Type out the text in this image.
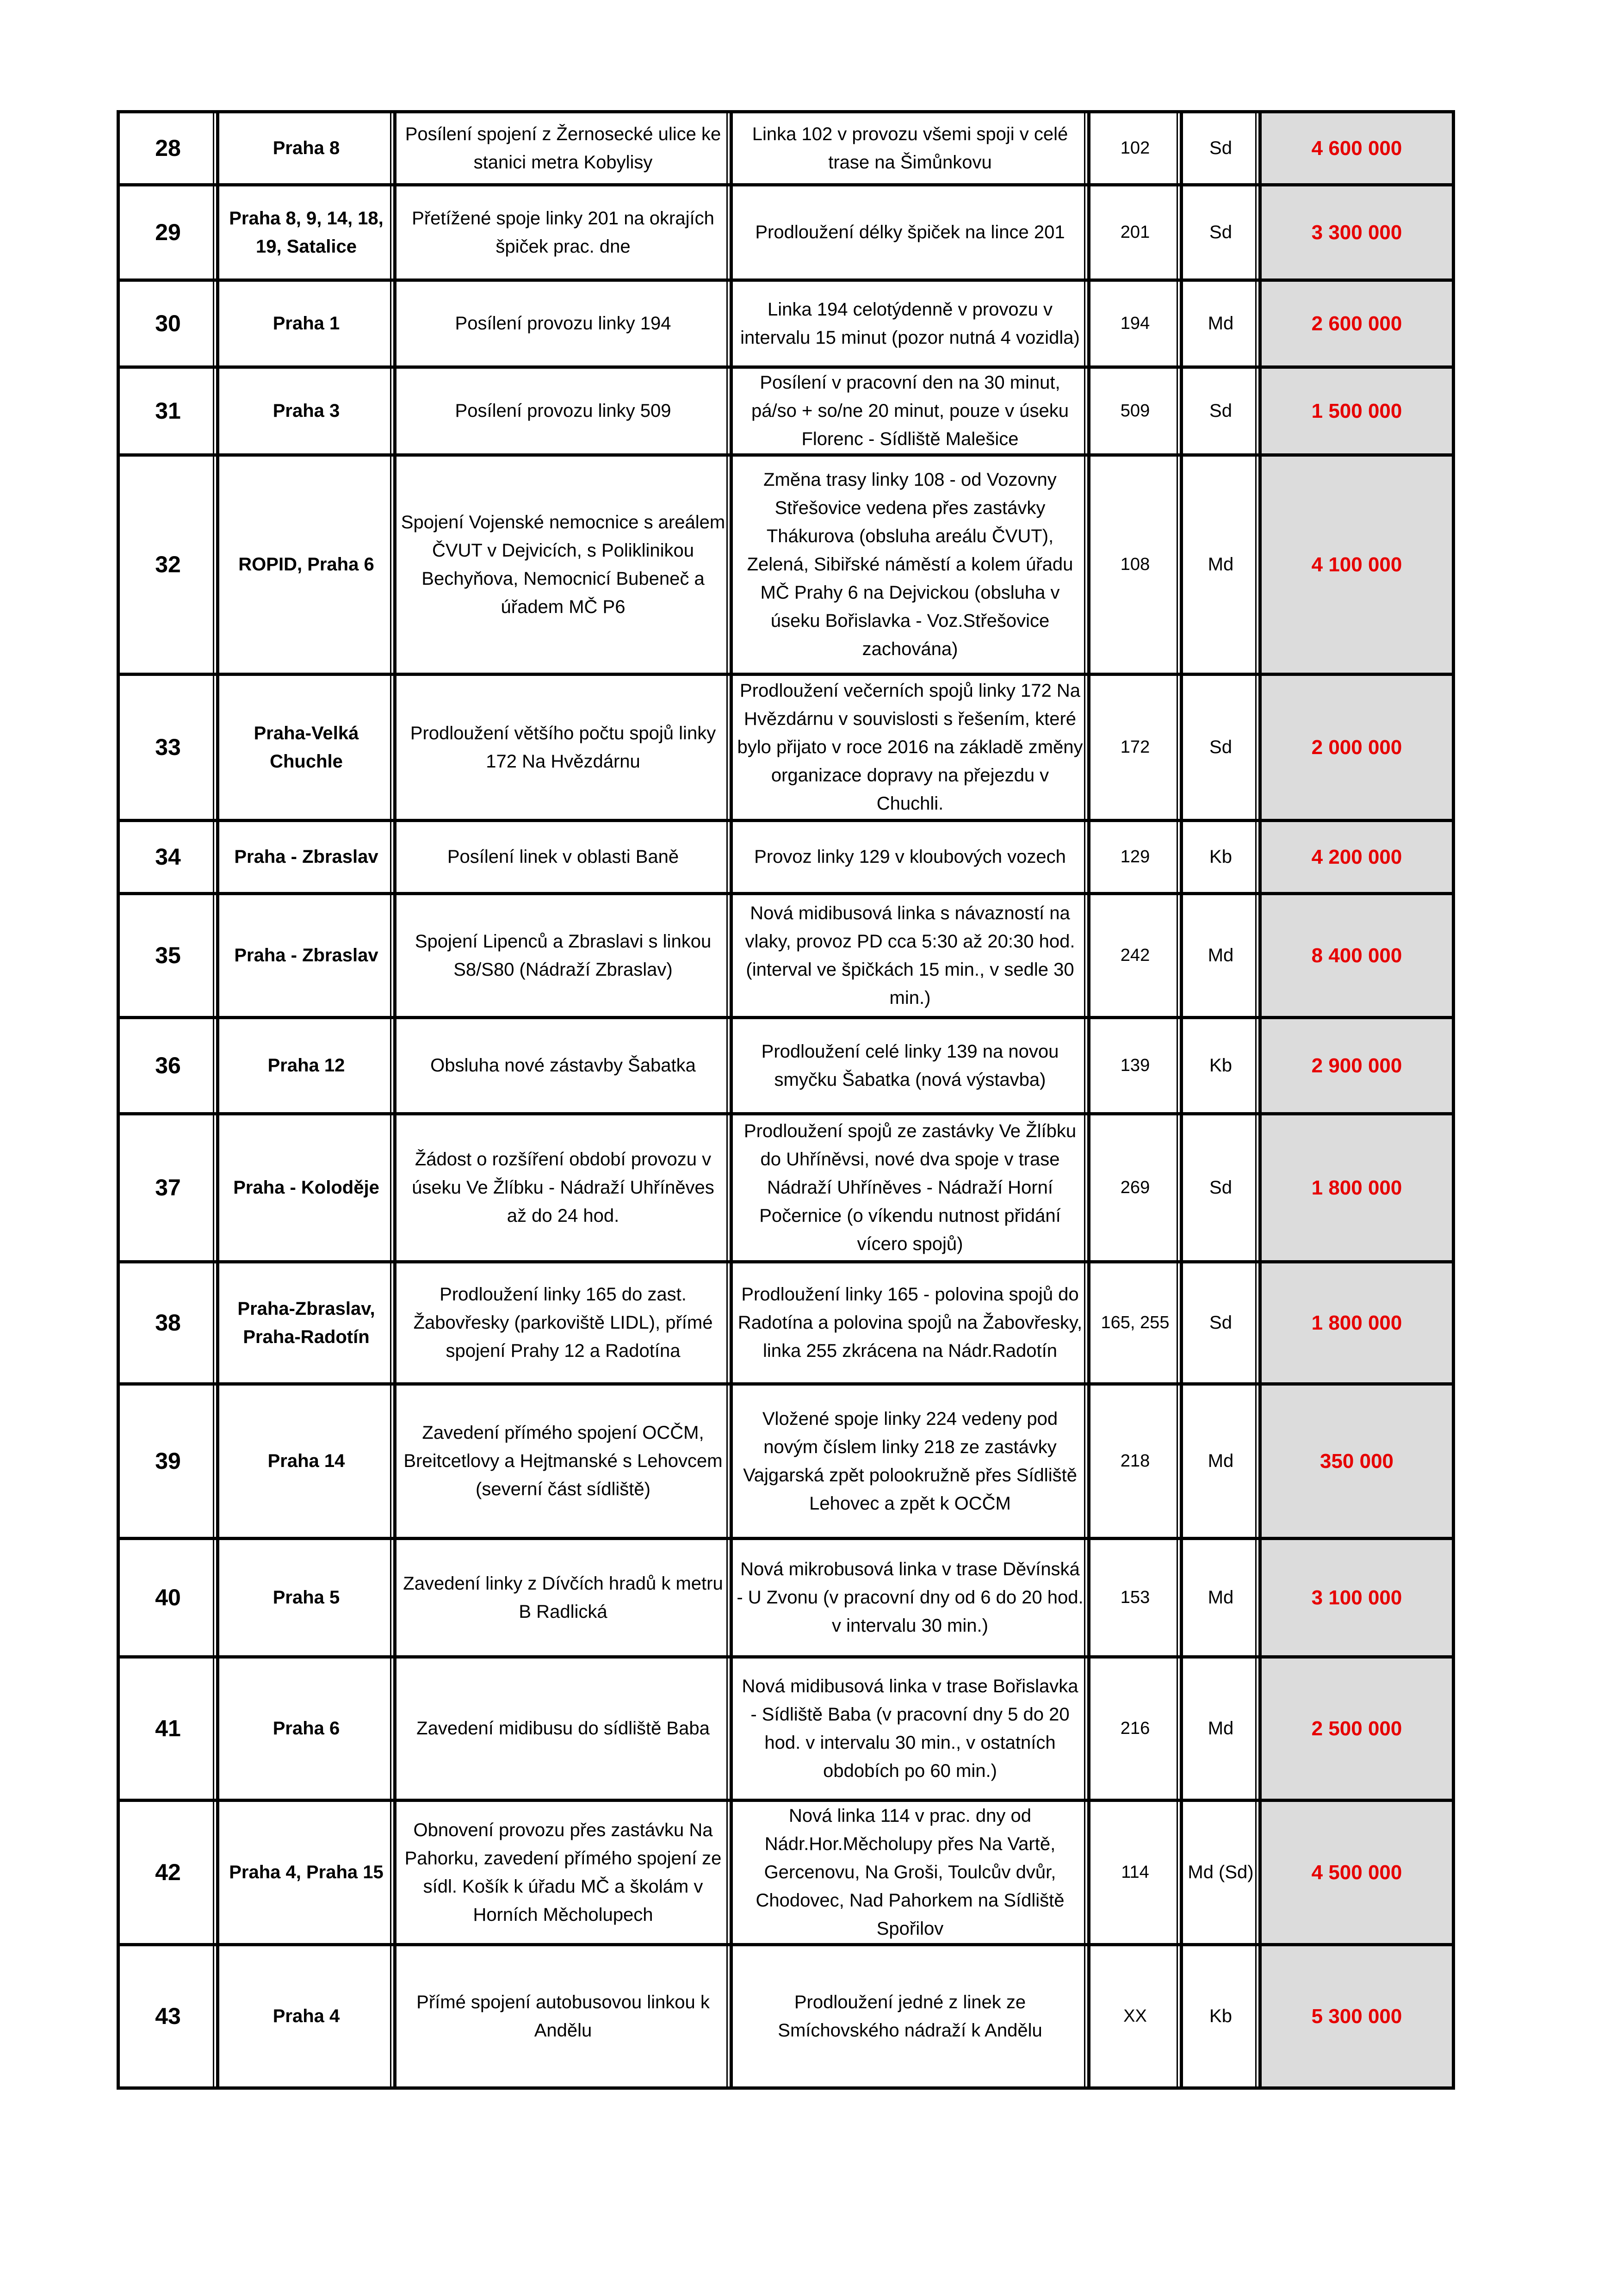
28	Praha 8	Posílení spojení z Žernosecké ulice ke stanici metra Kobylisy	Linka 102 v provozu všemi spoji v celé trase na Šimůnkovu	102	Sd	4 600 000
29	Praha 8, 9, 14, 18, 19, Satalice	Přetížené spoje linky 201 na okrajích špiček prac. dne	Prodloužení délky špiček na lince 201	201	Sd	3 300 000
30	Praha 1	Posílení provozu linky 194	Linka 194 celotýdenně v provozu v intervalu 15 minut (pozor nutná 4 vozidla)	194	Md	2 600 000
31	Praha 3	Posílení provozu linky 509	Posílení v pracovní den na 30 minut, pá/so + so/ne 20 minut, pouze v úseku Florenc - Sídliště Malešice	509	Sd	1 500 000
32	ROPID, Praha 6	Spojení Vojenské nemocnice s areálem ČVUT v Dejvicích, s Poliklinikou Bechyňova, Nemocnicí Bubeneč a úřadem MČ P6	Změna trasy linky 108 - od Vozovny Střešovice vedena přes zastávky Thákurova (obsluha areálu ČVUT), Zelená, Sibiřské náměstí a kolem úřadu MČ Prahy 6 na Dejvickou (obsluha v úseku Bořislavka - Voz.Střešovice zachována)	108	Md	4 100 000
33	Praha-Velká Chuchle	Prodloužení většího počtu spojů linky 172 Na Hvězdárnu	Prodloužení večerních spojů linky 172 Na Hvězdárnu v souvislosti s řešením, které bylo přijato v roce 2016 na základě změny organizace dopravy na přejezdu v Chuchli.	172	Sd	2 000 000
34	Praha - Zbraslav	Posílení linek v oblasti Baně	Provoz linky 129 v kloubových vozech	129	Kb	4 200 000
35	Praha - Zbraslav	Spojení Lipenců a Zbraslavi s linkou S8/S80 (Nádraží Zbraslav)	Nová midibusová linka s návazností na vlaky, provoz PD cca 5:30 až 20:30 hod. (interval ve špičkách 15 min., v sedle 30 min.)	242	Md	8 400 000
36	Praha 12	Obsluha nové zástavby Šabatka	Prodloužení celé linky 139 na novou smyčku Šabatka (nová výstavba)	139	Kb	2 900 000
37	Praha - Koloděje	Žádost o rozšíření období provozu v úseku Ve Žlíbku - Nádraží Uhříněves až do 24 hod.	Prodloužení spojů ze zastávky Ve Žlíbku do Uhříněvsi, nové dva spoje v trase Nádraží Uhříněves - Nádraží Horní Počernice (o víkendu nutnost přidání vícero spojů)	269	Sd	1 800 000
38	Praha-Zbraslav, Praha-Radotín	Prodloužení linky 165 do zast. Žabovřesky (parkoviště LIDL), přímé spojení Prahy 12 a Radotína	Prodloužení linky 165 - polovina spojů do Radotína a polovina spojů na Žabovřesky, linka 255 zkrácena na Nádr.Radotín	165, 255	Sd	1 800 000
39	Praha 14	Zavedení přímého spojení OCČM, Breitcetlovy a Hejtmanské s Lehovcem (severní část sídliště)	Vložené spoje linky 224 vedeny pod novým číslem linky 218 ze zastávky Vajgarská zpět polookružně přes Sídliště Lehovec a zpět k OCČM	218	Md	350 000
40	Praha 5	Zavedení linky z Dívčích hradů k metru B Radlická	Nová mikrobusová linka v trase Děvínská - U Zvonu (v pracovní dny od 6 do 20 hod. v intervalu 30 min.)	153	Md	3 100 000
41	Praha 6	Zavedení midibusu do sídliště Baba	Nová midibusová linka v trase Bořislavka - Sídliště Baba (v pracovní dny 5 do 20 hod. v intervalu 30 min., v ostatních obdobích po 60 min.)	216	Md	2 500 000
42	Praha 4, Praha 15	Obnovení provozu přes zastávku Na Pahorku, zavedení přímého spojení ze sídl. Košík k úřadu MČ a školám v Horních Měcholupech	Nová linka 114 v prac. dny od Nádr.Hor.Měcholupy přes Na Vartě, Gercenovu, Na Groši, Toulcův dvůr, Chodovec, Nad Pahorkem na Sídliště Spořilov	114	Md (Sd)	4 500 000
43	Praha 4	Přímé spojení autobusovou linkou k Andělu	Prodloužení jedné z linek ze Smíchovského nádraží k Andělu	XX	Kb	5 300 000
